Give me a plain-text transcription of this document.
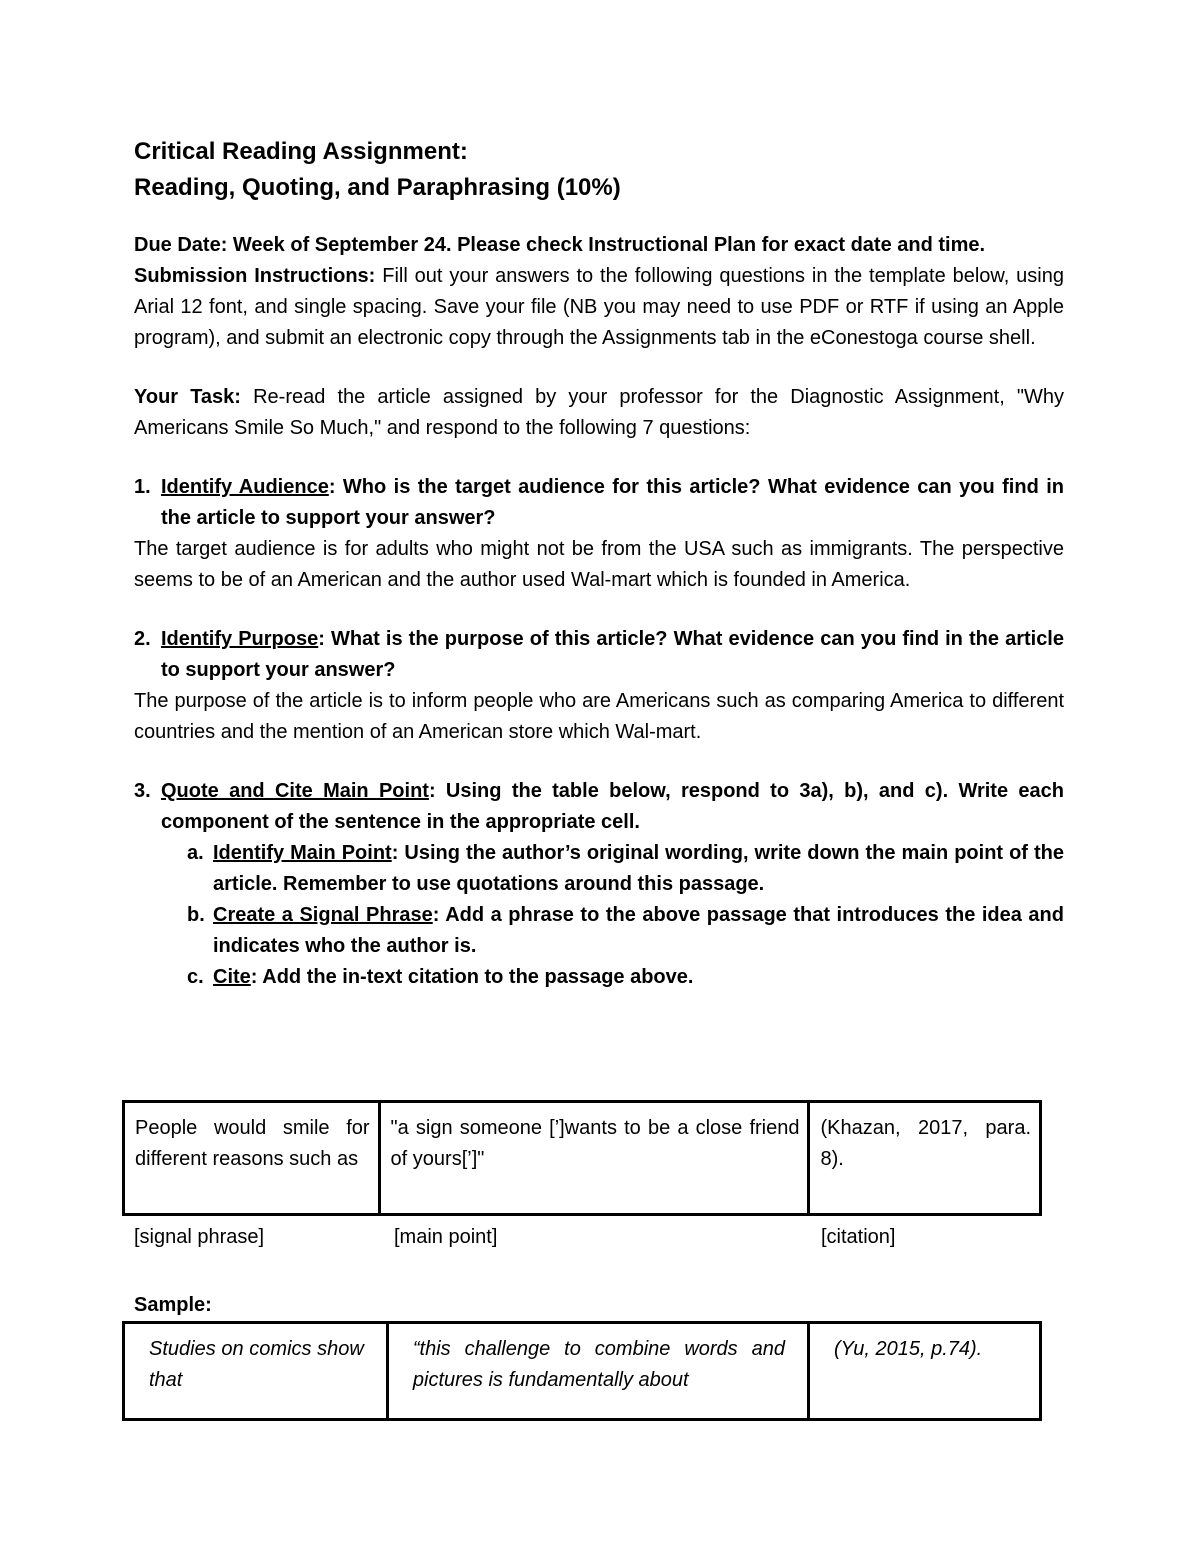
Critical Reading Assignment:
Reading, Quoting, and Paraphrasing (10%)

Due Date: Week of September 24. Please check Instructional Plan for exact date and time.

Submission Instructions: Fill out your answers to the following questions in the template below, using Arial 12 font, and single spacing. Save your file (NB you may need to use PDF or RTF if using an Apple program), and submit an electronic copy through the Assignments tab in the eConestoga course shell.

Your Task: Re-read the article assigned by your professor for the Diagnostic Assignment, "Why Americans Smile So Much," and respond to the following 7 questions:

1. Identify Audience: Who is the target audience for this article? What evidence can you find in the article to support your answer?

The target audience is for adults who might not be from the USA such as immigrants. The perspective seems to be of an American and the author used Wal-mart which is founded in America.

2. Identify Purpose: What is the purpose of this article? What evidence can you find in the article to support your answer?

The purpose of the article is to inform people who are Americans such as comparing America to different countries and the mention of an American store which Wal-mart.

3. Quote and Cite Main Point: Using the table below, respond to 3a), b), and c). Write each component of the sentence in the appropriate cell.
a. Identify Main Point: Using the author’s original wording, write down the main point of the article. Remember to use quotations around this passage.
b. Create a Signal Phrase: Add a phrase to the above passage that introduces the idea and indicates who the author is.
c. Cite: Add the in-text citation to the passage above.
People would smile for different reasons such as	"a sign someone [’]wants to be a close friend of yours[’]"	(Khazan, 2017, para. 8).
[signal phrase]	[main point]	[citation]
Sample:
Studies on comics show that	“this challenge to combine words and pictures is fundamentally about	(Yu, 2015, p.74).
